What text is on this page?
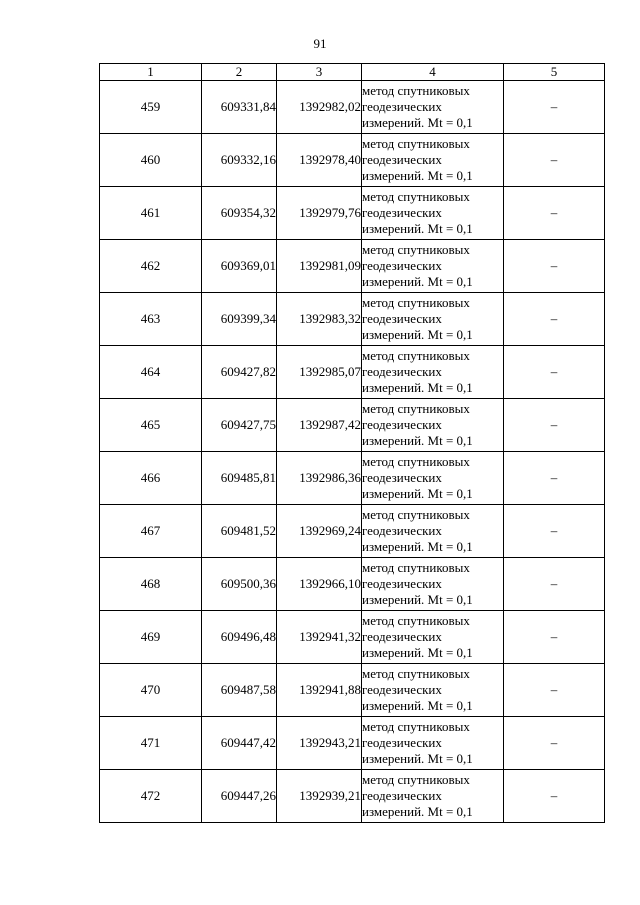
91
1	2	3	4	5
459	609331,84	1392982,02	метод спутниковых
геодезических
измерений. Mt = 0,1	–
460	609332,16	1392978,40	метод спутниковых
геодезических
измерений. Mt = 0,1	–
461	609354,32	1392979,76	метод спутниковых
геодезических
измерений. Mt = 0,1	–
462	609369,01	1392981,09	метод спутниковых
геодезических
измерений. Mt = 0,1	–
463	609399,34	1392983,32	метод спутниковых
геодезических
измерений. Mt = 0,1	–
464	609427,82	1392985,07	метод спутниковых
геодезических
измерений. Mt = 0,1	–
465	609427,75	1392987,42	метод спутниковых
геодезических
измерений. Mt = 0,1	–
466	609485,81	1392986,36	метод спутниковых
геодезических
измерений. Mt = 0,1	–
467	609481,52	1392969,24	метод спутниковых
геодезических
измерений. Mt = 0,1	–
468	609500,36	1392966,10	метод спутниковых
геодезических
измерений. Mt = 0,1	–
469	609496,48	1392941,32	метод спутниковых
геодезических
измерений. Mt = 0,1	–
470	609487,58	1392941,88	метод спутниковых
геодезических
измерений. Mt = 0,1	–
471	609447,42	1392943,21	метод спутниковых
геодезических
измерений. Mt = 0,1	–
472	609447,26	1392939,21	метод спутниковых
геодезических
измерений. Mt = 0,1	–
